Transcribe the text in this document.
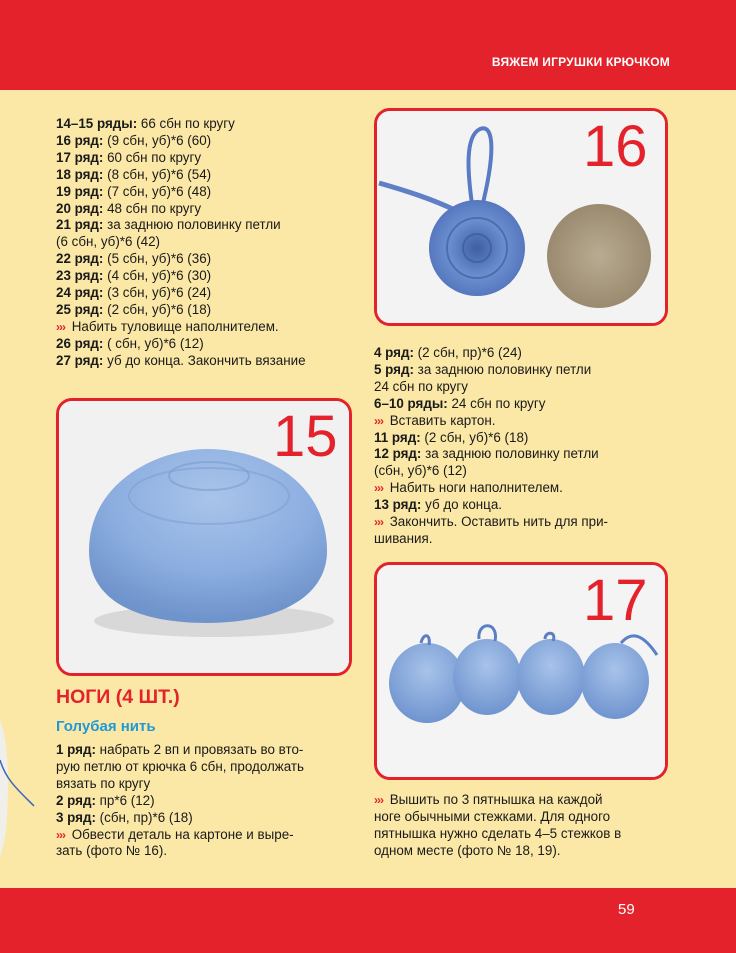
ВЯЖЕМ ИГРУШКИ КРЮЧКОМ
14–15 ряды: 66 сбн по кругу
16 ряд: (9 сбн, уб)*6 (60)
17 ряд: 60 сбн по кругу
18 ряд: (8 сбн, уб)*6 (54)
19 ряд: (7 сбн, уб)*6 (48)
20 ряд: 48 сбн по кругу
21 ряд: за заднюю половинку петли
(6 сбн, уб)*6 (42)
22 ряд: (5 сбн, уб)*6 (36)
23 ряд: (4 сбн, уб)*6 (30)
24 ряд: (3 сбн, уб)*6 (24)
25 ряд: (2 сбн, уб)*6 (18)
››› Набить туловище наполнителем.
26 ряд: ( сбн, уб)*6 (12)
27 ряд: уб до конца. Закончить вязание
16
4 ряд: (2 сбн, пр)*6 (24)
5 ряд: за заднюю половинку петли
24 сбн по кругу
6–10 ряды: 24 сбн по кругу
››› Вставить картон.
11 ряд: (2 сбн, уб)*6 (18)
12 ряд: за заднюю половинку петли
(сбн, уб)*6 (12)
››› Набить ноги наполнителем.
13 ряд: уб до конца.
››› Закончить. Оставить нить для при-
шивания.
15
НОГИ (4 ШТ.)
Голубая нить
1 ряд: набрать 2 вп и провязать во вто-
рую петлю от крючка 6 сбн, продолжать
вязать по кругу
2 ряд: пр*6 (12)
3 ряд: (сбн, пр)*6 (18)
››› Обвести деталь на картоне и выре-
зать (фото № 16).
17
››› Вышить по 3 пятнышка на каждой
ноге обычными стежками. Для одного
пятнышка нужно сделать 4–5 стежков в
одном месте (фото № 18, 19).
59
